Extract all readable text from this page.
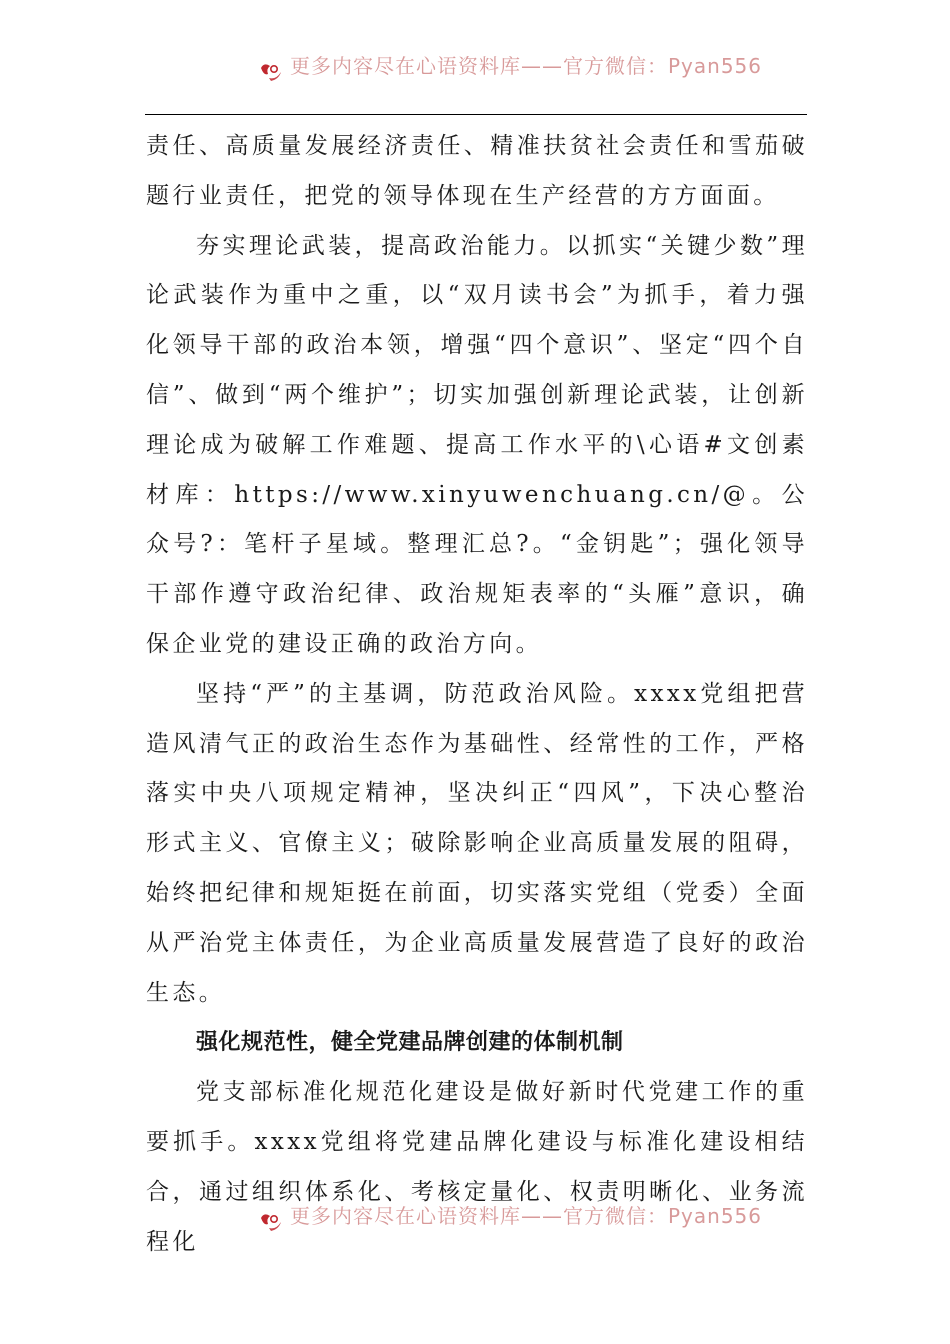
更多内容尽在心语资料库——官方微信：Pyan556

责任、高质量发展经济责任、精准扶贫社会责任和雪茄破题行业责任，把党的领导体现在生产经营的方方面面。

夯实理论武装，提高政治能力。以抓实“关键少数”理论武装作为重中之重，以“双月读书会”为抓手，着力强化领导干部的政治本领，增强“四个意识”、坚定“四个自信”、做到“两个维护”；切实加强创新理论武装，让创新理论成为破解工作难题、提高工作水平的\心语#文创素材库：https://www.xinyuwenchuang.cn/@。公众号?：笔杆子星域。整理汇总?。“金钥匙”；强化领导干部作遵守政治纪律、政治规矩表率的“头雁”意识，确保企业党的建设正确的政治方向。

坚持“严”的主基调，防范政治风险。xxxx党组把营造风清气正的政治生态作为基础性、经常性的工作，严格落实中央八项规定精神，坚决纠正“四风”，下决心整治形式主义、官僚主义；破除影响企业高质量发展的阻碍，始终把纪律和规矩挺在前面，切实落实党组（党委）全面从严治党主体责任，为企业高质量发展营造了良好的政治生态。

强化规范性，健全党建品牌创建的体制机制

党支部标准化规范化建设是做好新时代党建工作的重要抓手。xxxx党组将党建品牌化建设与标准化建设相结合，通过组织体系化、考核定量化、权责明晰化、业务流程化

更多内容尽在心语资料库——官方微信：Pyan556
